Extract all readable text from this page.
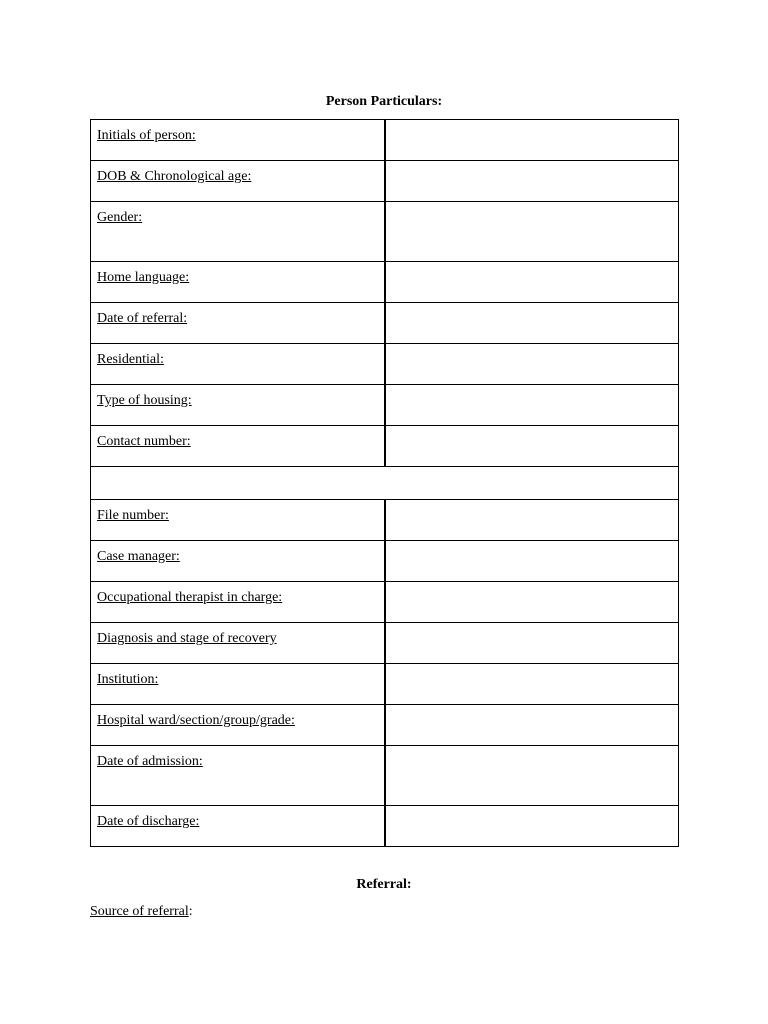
Person Particulars:
Initials of person:	
DOB & Chronological age:	
Gender:	
Home language:	
Date of referral:	
Residential:	
Type of housing:	
Contact number:	

File number:	
Case manager:	
Occupational therapist in charge:	
Diagnosis and stage of recovery	
Institution:	
Hospital ward/section/group/grade:	
Date of admission:	
Date of discharge:	
Referral:
Source of referral:
